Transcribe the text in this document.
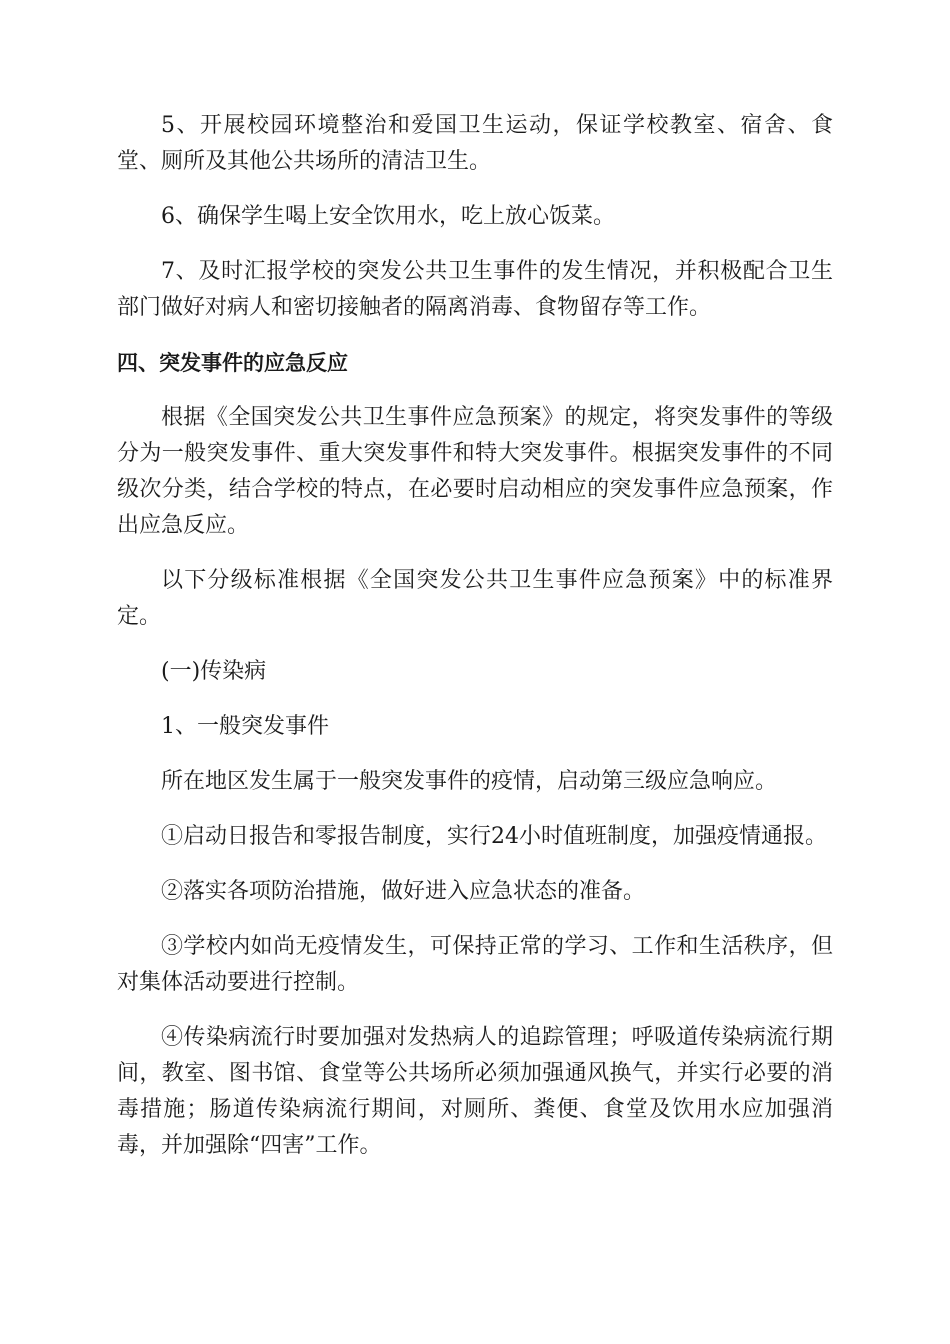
5、开展校园环境整治和爱国卫生运动，保证学校教室、宿舍、食堂、厕所及其他公共场所的清洁卫生。

6、确保学生喝上安全饮用水，吃上放心饭菜。

7、及时汇报学校的突发公共卫生事件的发生情况，并积极配合卫生部门做好对病人和密切接触者的隔离消毒、食物留存等工作。

四、突发事件的应急反应

根据《全国突发公共卫生事件应急预案》的规定，将突发事件的等级分为一般突发事件、重大突发事件和特大突发事件。根据突发事件的不同级次分类，结合学校的特点，在必要时启动相应的突发事件应急预案，作出应急反应。

以下分级标准根据《全国突发公共卫生事件应急预案》中的标准界定。

(一)传染病

1、一般突发事件

所在地区发生属于一般突发事件的疫情，启动第三级应急响应。

①启动日报告和零报告制度，实行24小时值班制度，加强疫情通报。

②落实各项防治措施，做好进入应急状态的准备。

③学校内如尚无疫情发生，可保持正常的学习、工作和生活秩序，但对集体活动要进行控制。

④传染病流行时要加强对发热病人的追踪管理；呼吸道传染病流行期间，教室、图书馆、食堂等公共场所必须加强通风换气，并实行必要的消毒措施；肠道传染病流行期间，对厕所、粪便、食堂及饮用水应加强消毒，并加强除“四害”工作。
